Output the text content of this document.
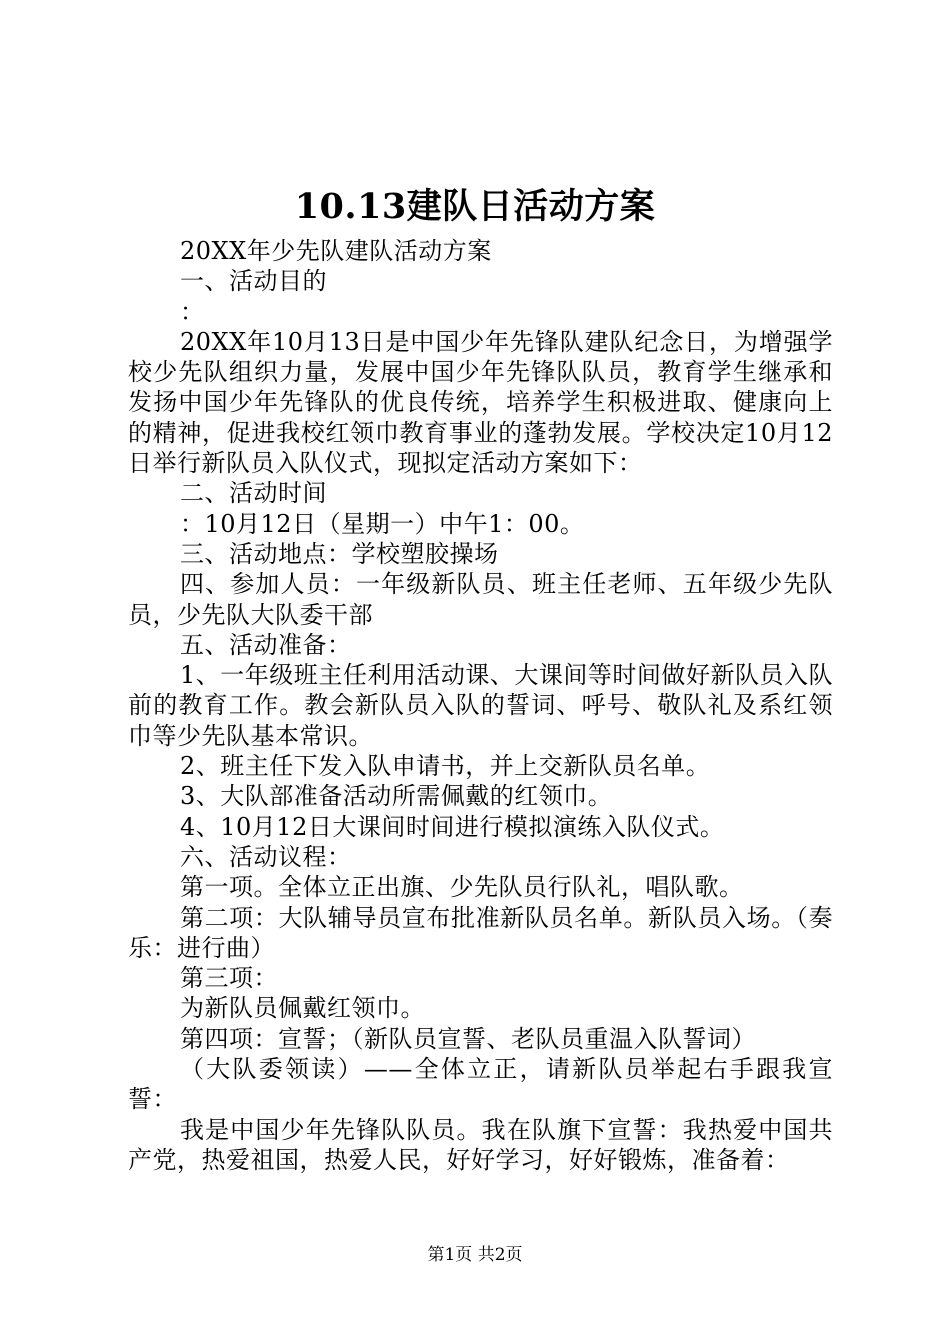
10.13建队日活动方案

20XX年少先队建队活动方案

一、活动目的

：

20XX年10月13日是中国少年先锋队建队纪念日，为增强学校少先队组织力量，发展中国少年先锋队队员，教育学生继承和发扬中国少年先锋队的优良传统，培养学生积极进取、健康向上的精神，促进我校红领巾教育事业的蓬勃发展。学校决定10月12日举行新队员入队仪式，现拟定活动方案如下：

二、活动时间

：10月12日（星期一）中午1：00。

三、活动地点：学校塑胶操场

四、参加人员：一年级新队员、班主任老师、五年级少先队员，少先队大队委干部

五、活动准备：

1、一年级班主任利用活动课、大课间等时间做好新队员入队前的教育工作。教会新队员入队的誓词、呼号、敬队礼及系红领巾等少先队基本常识。

2、班主任下发入队申请书，并上交新队员名单。

3、大队部准备活动所需佩戴的红领巾。

4、10月12日大课间时间进行模拟演练入队仪式。

六、活动议程：

第一项。全体立正出旗、少先队员行队礼，唱队歌。

第二项：大队辅导员宣布批准新队员名单。新队员入场。（奏乐：进行曲）

第三项：

为新队员佩戴红领巾。

第四项：宣誓；（新队员宣誓、老队员重温入队誓词）

（大队委领读）——全体立正，请新队员举起右手跟我宣誓：

我是中国少年先锋队队员。我在队旗下宣誓：我热爱中国共产党，热爱祖国，热爱人民，好好学习，好好锻炼，准备着：

第1页 共2页
